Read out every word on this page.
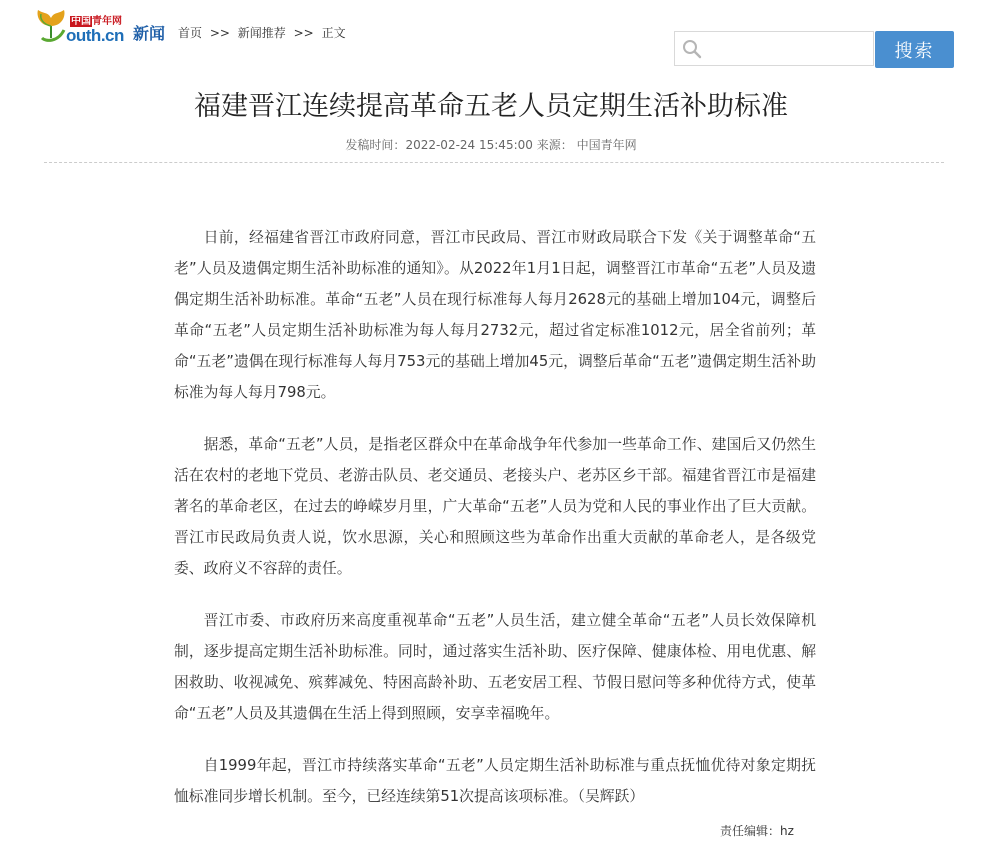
中国青年网
outh.cn 新闻 首页 >> 新闻推荐 >> 正文
搜索
福建晋江连续提高革命五老人员定期生活补助标准
发稿时间：2022-02-24 15:45:00 来源： 中国青年网

日前，经福建省晋江市政府同意，晋江市民政局、晋江市财政局联合下发《关于调整革命“五老”人员及遗偶定期生活补助标准的通知》。从2022年1月1日起，调整晋江市革命“五老”人员及遗偶定期生活补助标准。革命“五老”人员在现行标准每人每月2628元的基础上增加104元，调整后革命“五老”人员定期生活补助标准为每人每月2732元，超过省定标准1012元，居全省前列；革命“五老”遗偶在现行标准每人每月753元的基础上增加45元，调整后革命“五老”遗偶定期生活补助标准为每人每月798元。

据悉，革命“五老”人员，是指老区群众中在革命战争年代参加一些革命工作、建国后又仍然生活在农村的老地下党员、老游击队员、老交通员、老接头户、老苏区乡干部。福建省晋江市是福建著名的革命老区，在过去的峥嵘岁月里，广大革命“五老”人员为党和人民的事业作出了巨大贡献。晋江市民政局负责人说，饮水思源，关心和照顾这些为革命作出重大贡献的革命老人，是各级党委、政府义不容辞的责任。

晋江市委、市政府历来高度重视革命“五老”人员生活，建立健全革命“五老”人员长效保障机制，逐步提高定期生活补助标准。同时，通过落实生活补助、医疗保障、健康体检、用电优惠、解困救助、收视减免、殡葬减免、特困高龄补助、五老安居工程、节假日慰问等多种优待方式，使革命“五老”人员及其遗偶在生活上得到照顾，安享幸福晚年。

自1999年起，晋江市持续落实革命“五老”人员定期生活补助标准与重点抚恤优待对象定期抚恤标准同步增长机制。至今，已经连续第51次提高该项标准。（吴辉跃）

责任编辑：hz
